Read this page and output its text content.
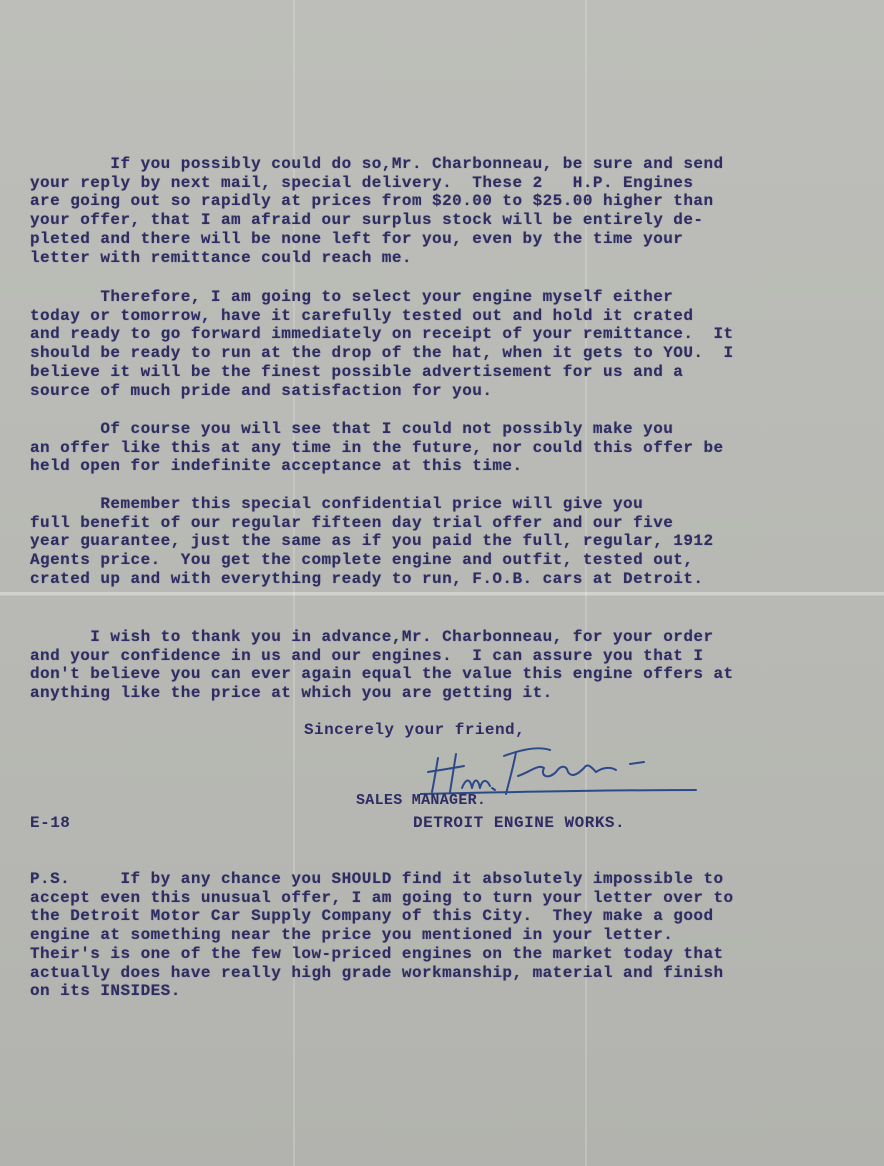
If you possibly could do so,Mr. Charbonneau, be sure and send
your reply by next mail, special delivery.  These 2   H.P. Engines
are going out so rapidly at prices from $20.00 to $25.00 higher than
your offer, that I am afraid our surplus stock will be entirely de-
pleted and there will be none left for you, even by the time your
letter with remittance could reach me.
Therefore, I am going to select your engine myself either
today or tomorrow, have it carefully tested out and hold it crated
and ready to go forward immediately on receipt of your remittance.  It
should be ready to run at the drop of the hat, when it gets to YOU.  I
believe it will be the finest possible advertisement for us and a
source of much pride and satisfaction for you.
Of course you will see that I could not possibly make you
an offer like this at any time in the future, nor could this offer be
held open for indefinite acceptance at this time.
Remember this special confidential price will give you
full benefit of our regular fifteen day trial offer and our five
year guarantee, just the same as if you paid the full, regular, 1912
Agents price.  You get the complete engine and outfit, tested out,
crated up and with everything ready to run, F.O.B. cars at Detroit.
I wish to thank you in advance,Mr. Charbonneau, for your order
and your confidence in us and our engines.  I can assure you that I
don't believe you can ever again equal the value this engine offers at
anything like the price at which you are getting it.
Sincerely your friend,
SALES MANAGER.
E-18	DETROIT ENGINE WORKS.
P.S.     If by any chance you SHOULD find it absolutely impossible to
accept even this unusual offer, I am going to turn your letter over to
the Detroit Motor Car Supply Company of this City.  They make a good
engine at something near the price you mentioned in your letter.
Their's is one of the few low-priced engines on the market today that
actually does have really high grade workmanship, material and finish
on its INSIDES.
